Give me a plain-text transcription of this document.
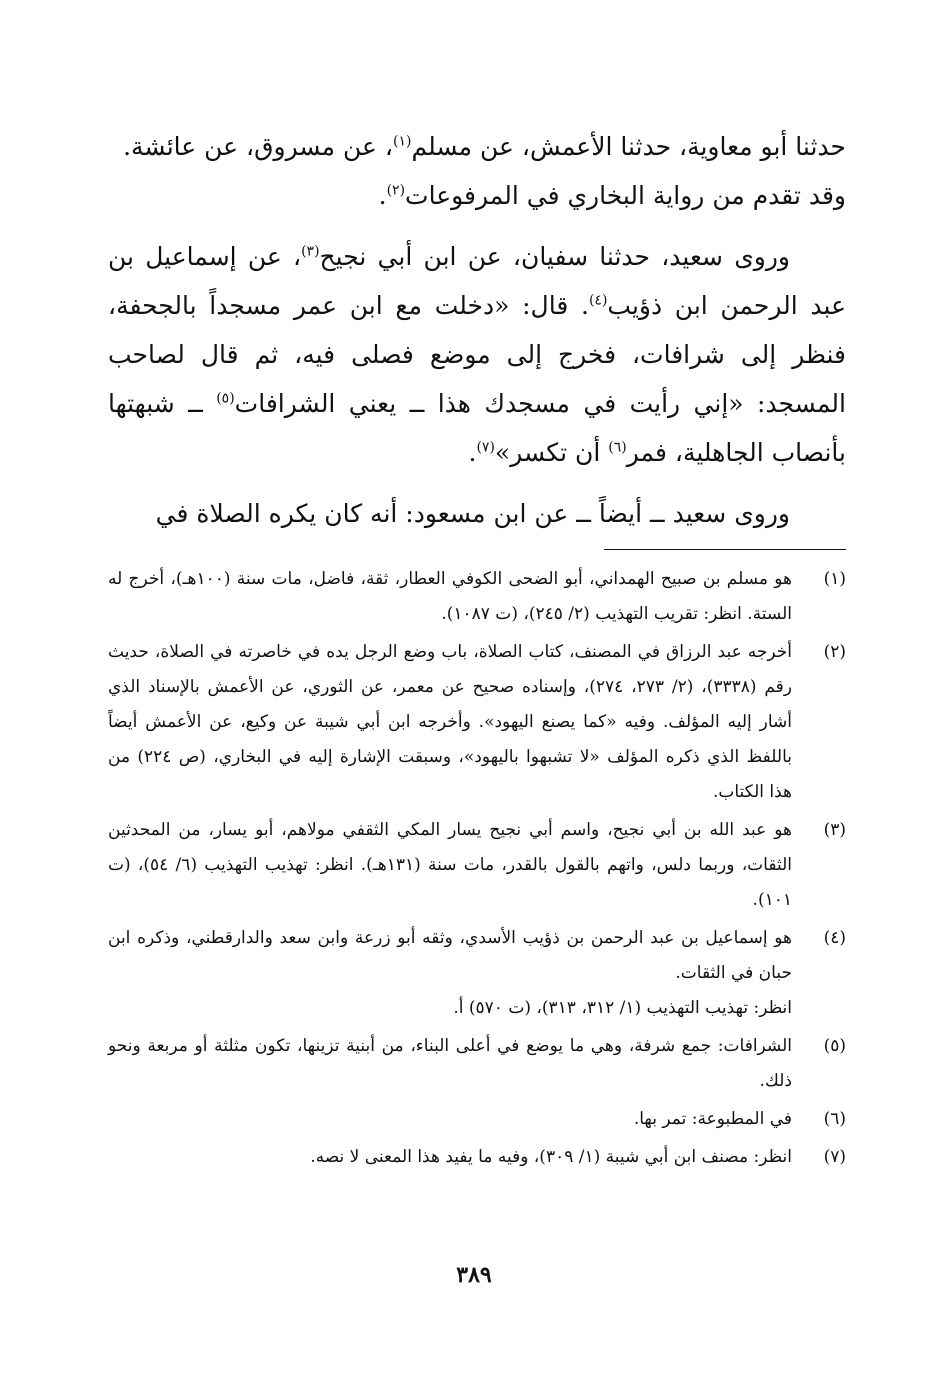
حدثنا أبو معاوية، حدثنا الأعمش، عن مسلم$^{(١)}$، عن مسروق، عن عائشة.
وقد تقدم من رواية البخاري في المرفوعات$^{(٢)}$.

وروى سعيد، حدثنا سفيان، عن ابن أبي نجيح$^{(٣)}$، عن إسماعيل بن عبد الرحمن ابن ذؤيب$^{(٤)}$. قال: «دخلت مع ابن عمر مسجداً بالجحفة، فنظر إلى شرافات، فخرج إلى موضع فصلى فيه، ثم قال لصاحب المسجد: «إني رأيت في مسجدك هذا ــ يعني الشرافات$^{(٥)}$ ــ شبهتها بأنصاب الجاهلية، فمر$^{(٦)}$ أن تكسر»$^{(٧)}$.

وروى سعيد ــ أيضاً ــ عن ابن مسعود: أنه كان يكره الصلاة في

(١)
هو مسلم بن صبيح الهمداني، أبو الضحى الكوفي العطار، ثقة، فاضل، مات سنة (١٠٠هـ)، أخرج له الستة. انظر: تقريب التهذيب (٢/ ٢٤٥)، (ت ١٠٨٧).
(٢)
أخرجه عبد الرزاق في المصنف، كتاب الصلاة، باب وضع الرجل يده في خاصرته في الصلاة، حديث رقم (٣٣٣٨)، (٢/ ٢٧٣، ٢٧٤)، وإسناده صحيح عن معمر، عن الثوري، عن الأعمش بالإسناد الذي أشار إليه المؤلف. وفيه «كما يصنع اليهود». وأخرجه ابن أبي شيبة عن وكيع، عن الأعمش أيضاً باللفظ الذي ذكره المؤلف «لا تشبهوا باليهود»، وسبقت الإشارة إليه في البخاري، (ص ٢٢٤) من هذا الكتاب.
(٣)
هو عبد الله بن أبي نجيح، واسم أبي نجيح يسار المكي الثقفي مولاهم، أبو يسار، من المحدثين الثقات، وربما دلس، واتهم بالقول بالقدر، مات سنة (١٣١هـ). انظر: تهذيب التهذيب (٦/ ٥٤)، (ت ١٠١).
(٤)
هو إسماعيل بن عبد الرحمن بن ذؤيب الأسدي، وثقه أبو زرعة وابن سعد والدارقطني، وذكره ابن حبان في الثقات.
انظر: تهذيب التهذيب (١/ ٣١٢، ٣١٣)، (ت ٥٧٠) أ.
(٥)
الشرافات: جمع شرفة، وهي ما يوضع في أعلى البناء، من أبنية تزينها، تكون مثلثة أو مربعة ونحو ذلك.
(٦)
في المطبوعة: تمر بها.
(٧)
انظر: مصنف ابن أبي شيبة (١/ ٣٠٩)، وفيه ما يفيد هذا المعنى لا نصه.
٣٨٩
